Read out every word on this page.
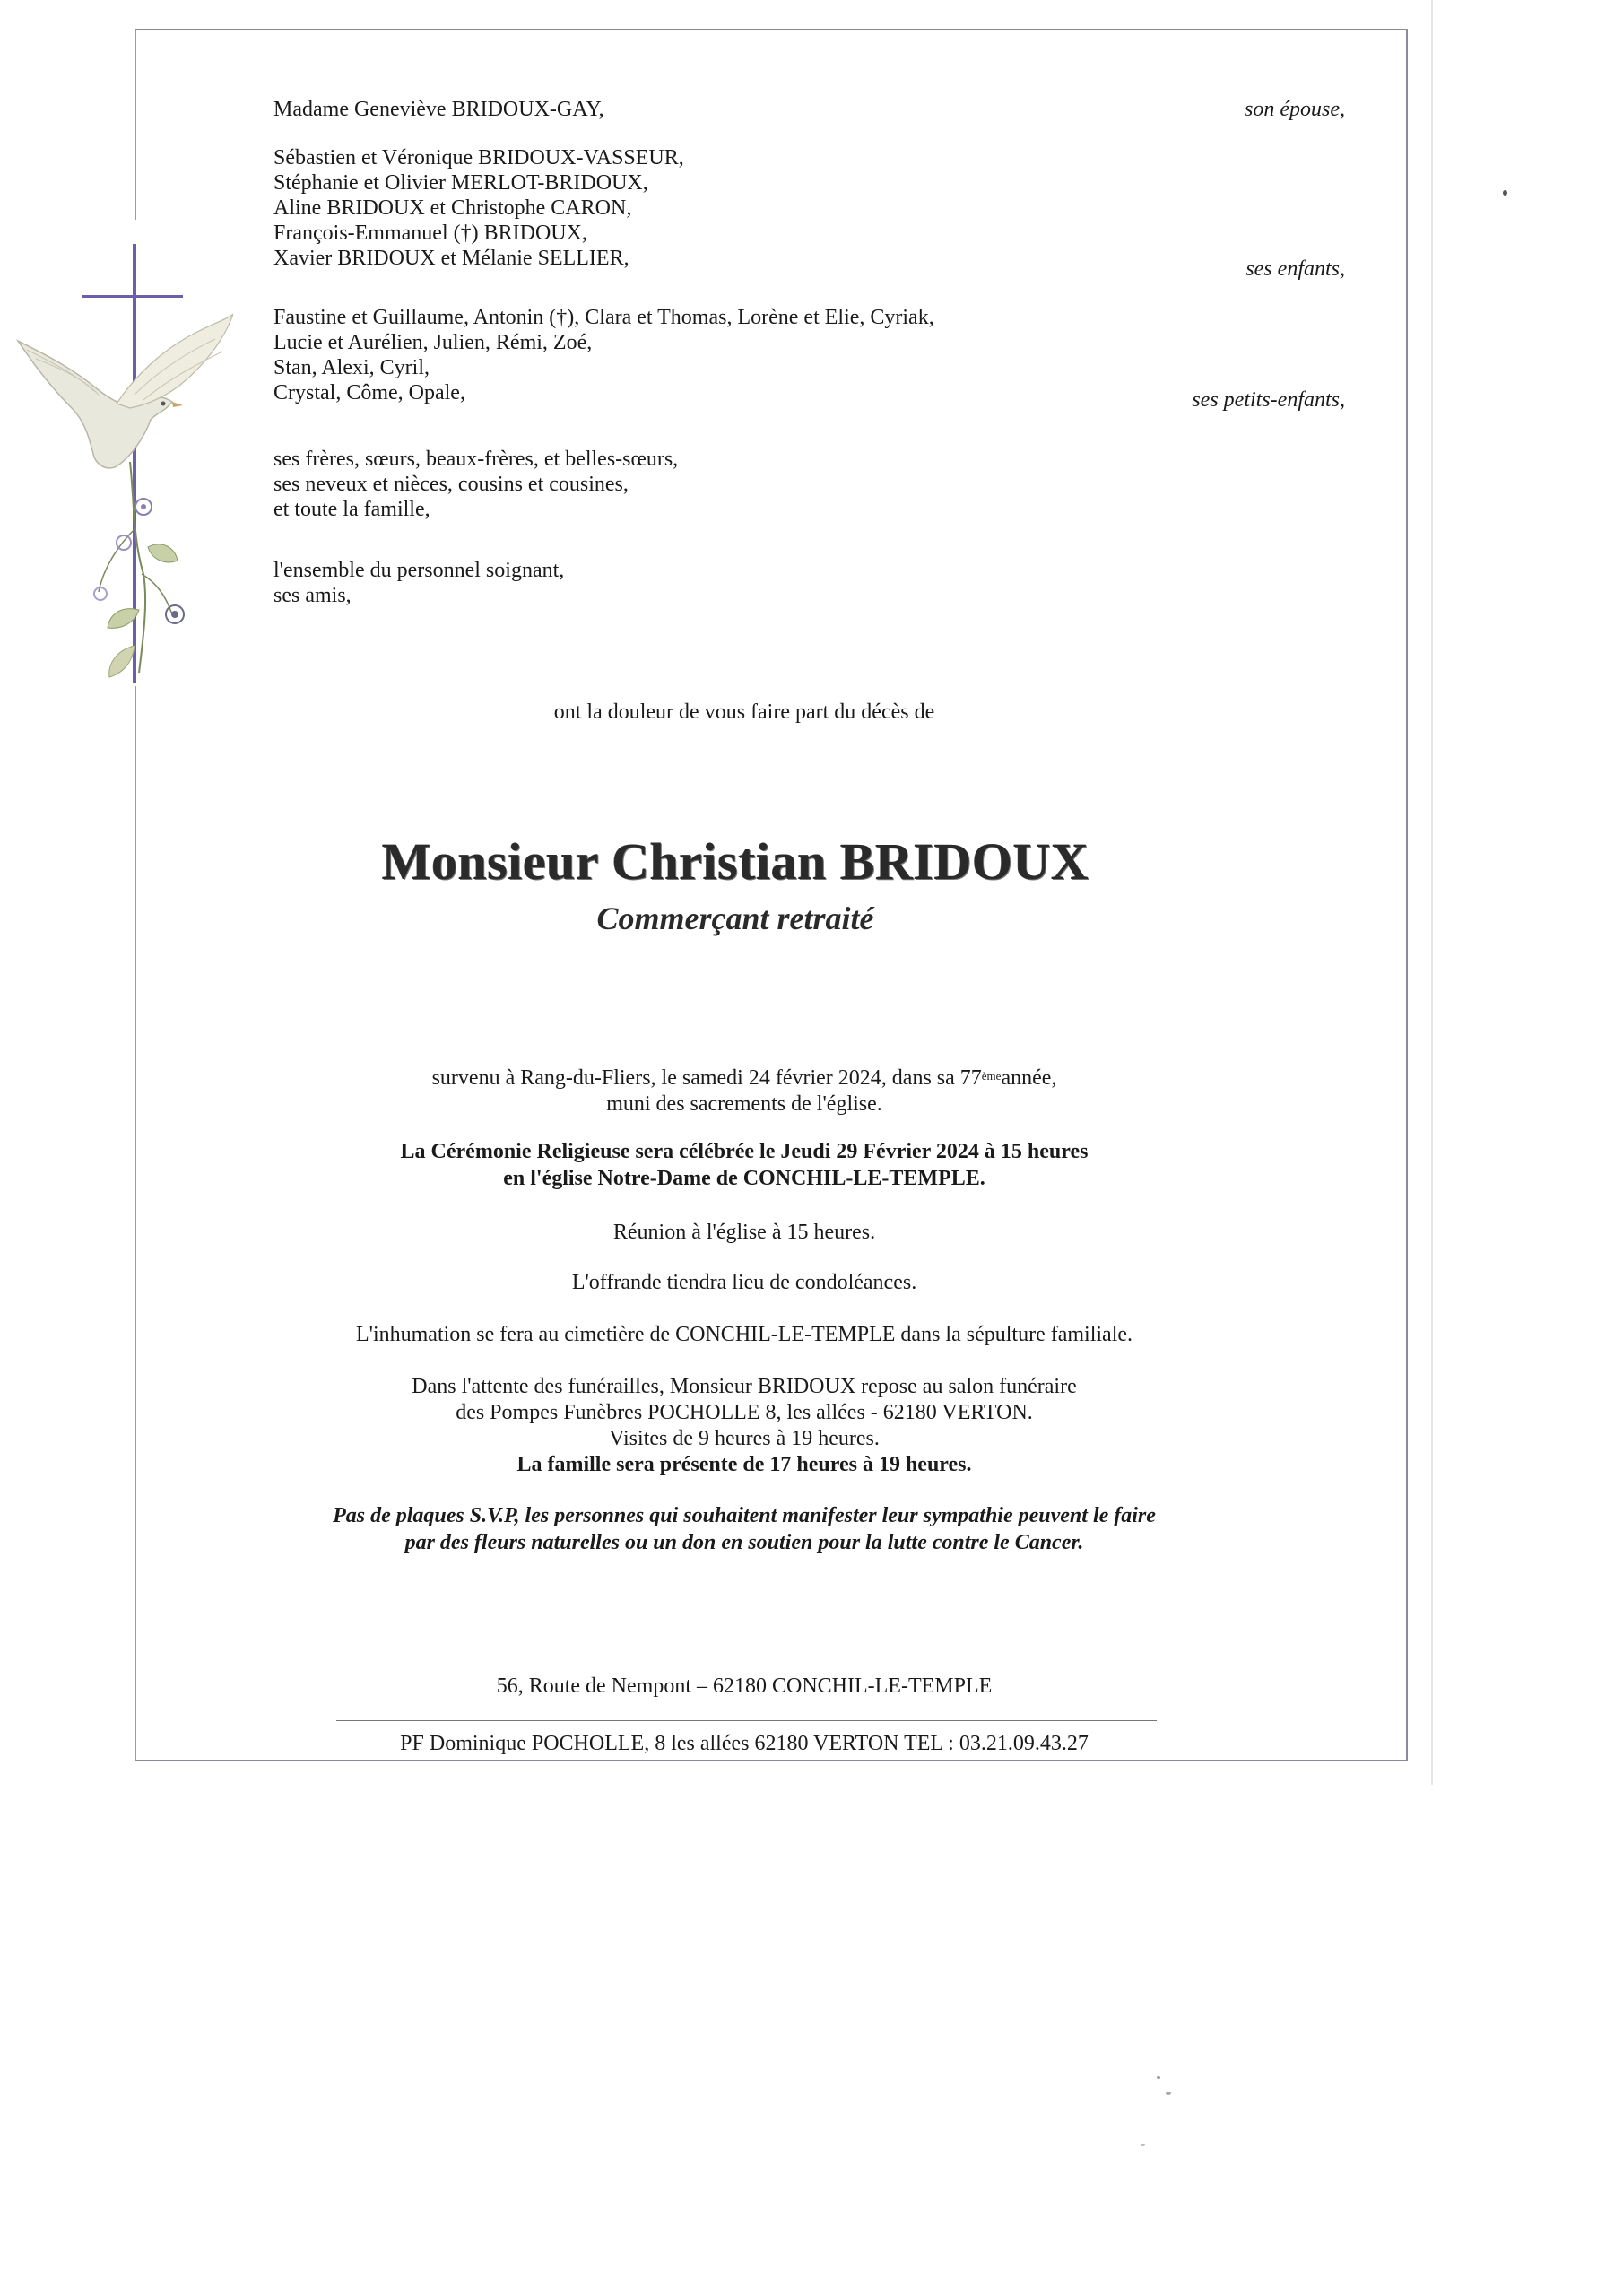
Madame Geneviève BRIDOUX-GAY,	son épouse,
Sébastien et Véronique BRIDOUX-VASSEUR,
Stéphanie et Olivier MERLOT-BRIDOUX,
Aline BRIDOUX et Christophe CARON,
François-Emmanuel (†) BRIDOUX,
Xavier BRIDOUX et Mélanie SELLIER,	ses enfants,
Faustine et Guillaume, Antonin (†), Clara et Thomas, Lorène et Elie, Cyriak,
Lucie et Aurélien, Julien, Rémi, Zoé,
Stan, Alexi, Cyril,
Crystal, Côme, Opale,	ses petits-enfants,
ses frères, sœurs, beaux-frères, et belles-sœurs,
ses neveux et nièces, cousins et cousines,
et toute la famille,
l'ensemble du personnel soignant,
ses amis,
ont la douleur de vous faire part du décès de
Monsieur Christian BRIDOUX
Commerçant retraité
survenu à Rang-du-Fliers, le samedi 24 février 2024, dans sa 77èmeannée,
muni des sacrements de l'église.
La Cérémonie Religieuse sera célébrée le Jeudi 29 Février 2024 à 15 heures
en l'église Notre-Dame de CONCHIL-LE-TEMPLE.
Réunion à l'église à 15 heures.
L'offrande tiendra lieu de condoléances.
L'inhumation se fera au cimetière de CONCHIL-LE-TEMPLE dans la sépulture familiale.
Dans l'attente des funérailles, Monsieur BRIDOUX repose au salon funéraire
des Pompes Funèbres POCHOLLE 8, les allées - 62180 VERTON.
Visites de 9 heures à 19 heures.
La famille sera présente de 17 heures à 19 heures.
Pas de plaques S.V.P, les personnes qui souhaitent manifester leur sympathie peuvent le faire
par des fleurs naturelles ou un don en soutien pour la lutte contre le Cancer.
56, Route de Nempont – 62180 CONCHIL-LE-TEMPLE
PF Dominique POCHOLLE, 8 les allées 62180 VERTON TEL : 03.21.09.43.27
